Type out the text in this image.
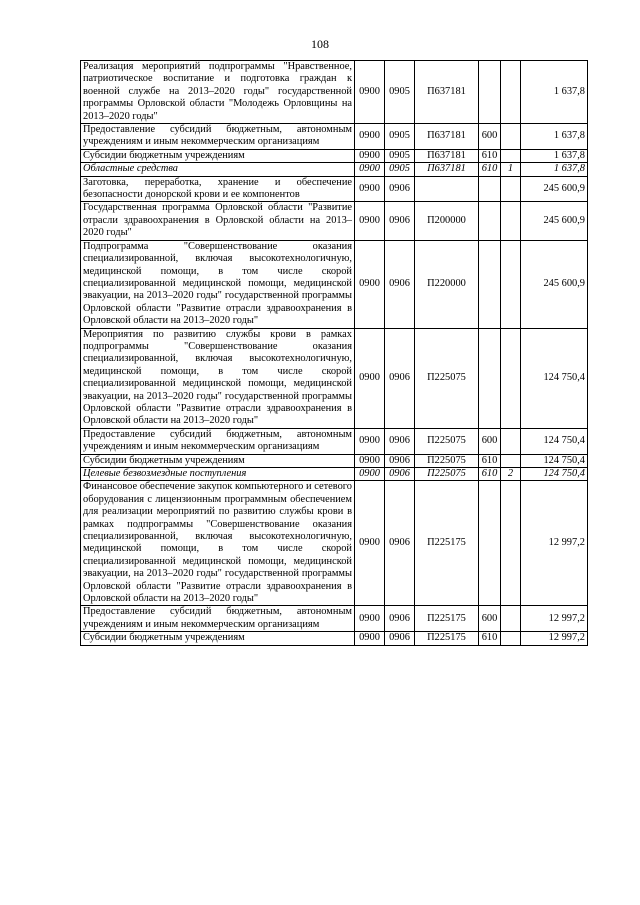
108
Реализация мероприятий подпрограммы "Нравственное, патриотическое воспитание и подготовка граждан к военной службе на 2013–2020 годы" государственной программы Орловской области "Молодежь Орловщины на 2013–2020 годы"	0900	0905	П637181			1 637,8
Предоставление субсидий бюджетным, автономным учреждениям и иным некоммерческим организациям	0900	0905	П637181	600		1 637,8
Субсидии бюджетным учреждениям	0900	0905	П637181	610		1 637,8
Областные средства	0900	0905	П637181	610	1	1 637,8
Заготовка, переработка, хранение и обеспечение безопасности донорской крови и ее компонентов	0900	0906				245 600,9
Государственная программа Орловской области "Развитие отрасли здравоохранения в Орловской области на 2013–2020 годы"	0900	0906	П200000			245 600,9
Подпрограмма "Совершенствование оказания специализированной, включая высокотехнологичную, медицинской помощи, в том числе скорой специализированной медицинской помощи, медицинской эвакуации, на 2013–2020 годы" государственной программы Орловской области "Развитие отрасли здравоохранения в Орловской области на 2013–2020 годы"	0900	0906	П220000			245 600,9
Мероприятия по развитию службы крови в рамках подпрограммы "Совершенствование оказания специализированной, включая высокотехнологичную, медицинской помощи, в том числе скорой специализированной медицинской помощи, медицинской эвакуации, на 2013–2020 годы" государственной программы Орловской области "Развитие отрасли здравоохранения в Орловской области на 2013–2020 годы"	0900	0906	П225075			124 750,4
Предоставление субсидий бюджетным, автономным учреждениям и иным некоммерческим организациям	0900	0906	П225075	600		124 750,4
Субсидии бюджетным учреждениям	0900	0906	П225075	610		124 750,4
Целевые безвозмездные поступления	0900	0906	П225075	610	2	124 750,4
Финансовое обеспечение закупок компьютерного и сетевого оборудования с лицензионным программным обеспечением для реализации мероприятий по развитию службы крови в рамках подпрограммы "Совершенствование оказания специализированной, включая высокотехнологичную, медицинской помощи, в том числе скорой специализированной медицинской помощи, медицинской эвакуации, на 2013–2020 годы" государственной программы Орловской области "Развитие отрасли здравоохранения в Орловской области на 2013–2020 годы"	0900	0906	П225175			12 997,2
Предоставление субсидий бюджетным, автономным учреждениям и иным некоммерческим организациям	0900	0906	П225175	600		12 997,2
Субсидии бюджетным учреждениям	0900	0906	П225175	610		12 997,2
